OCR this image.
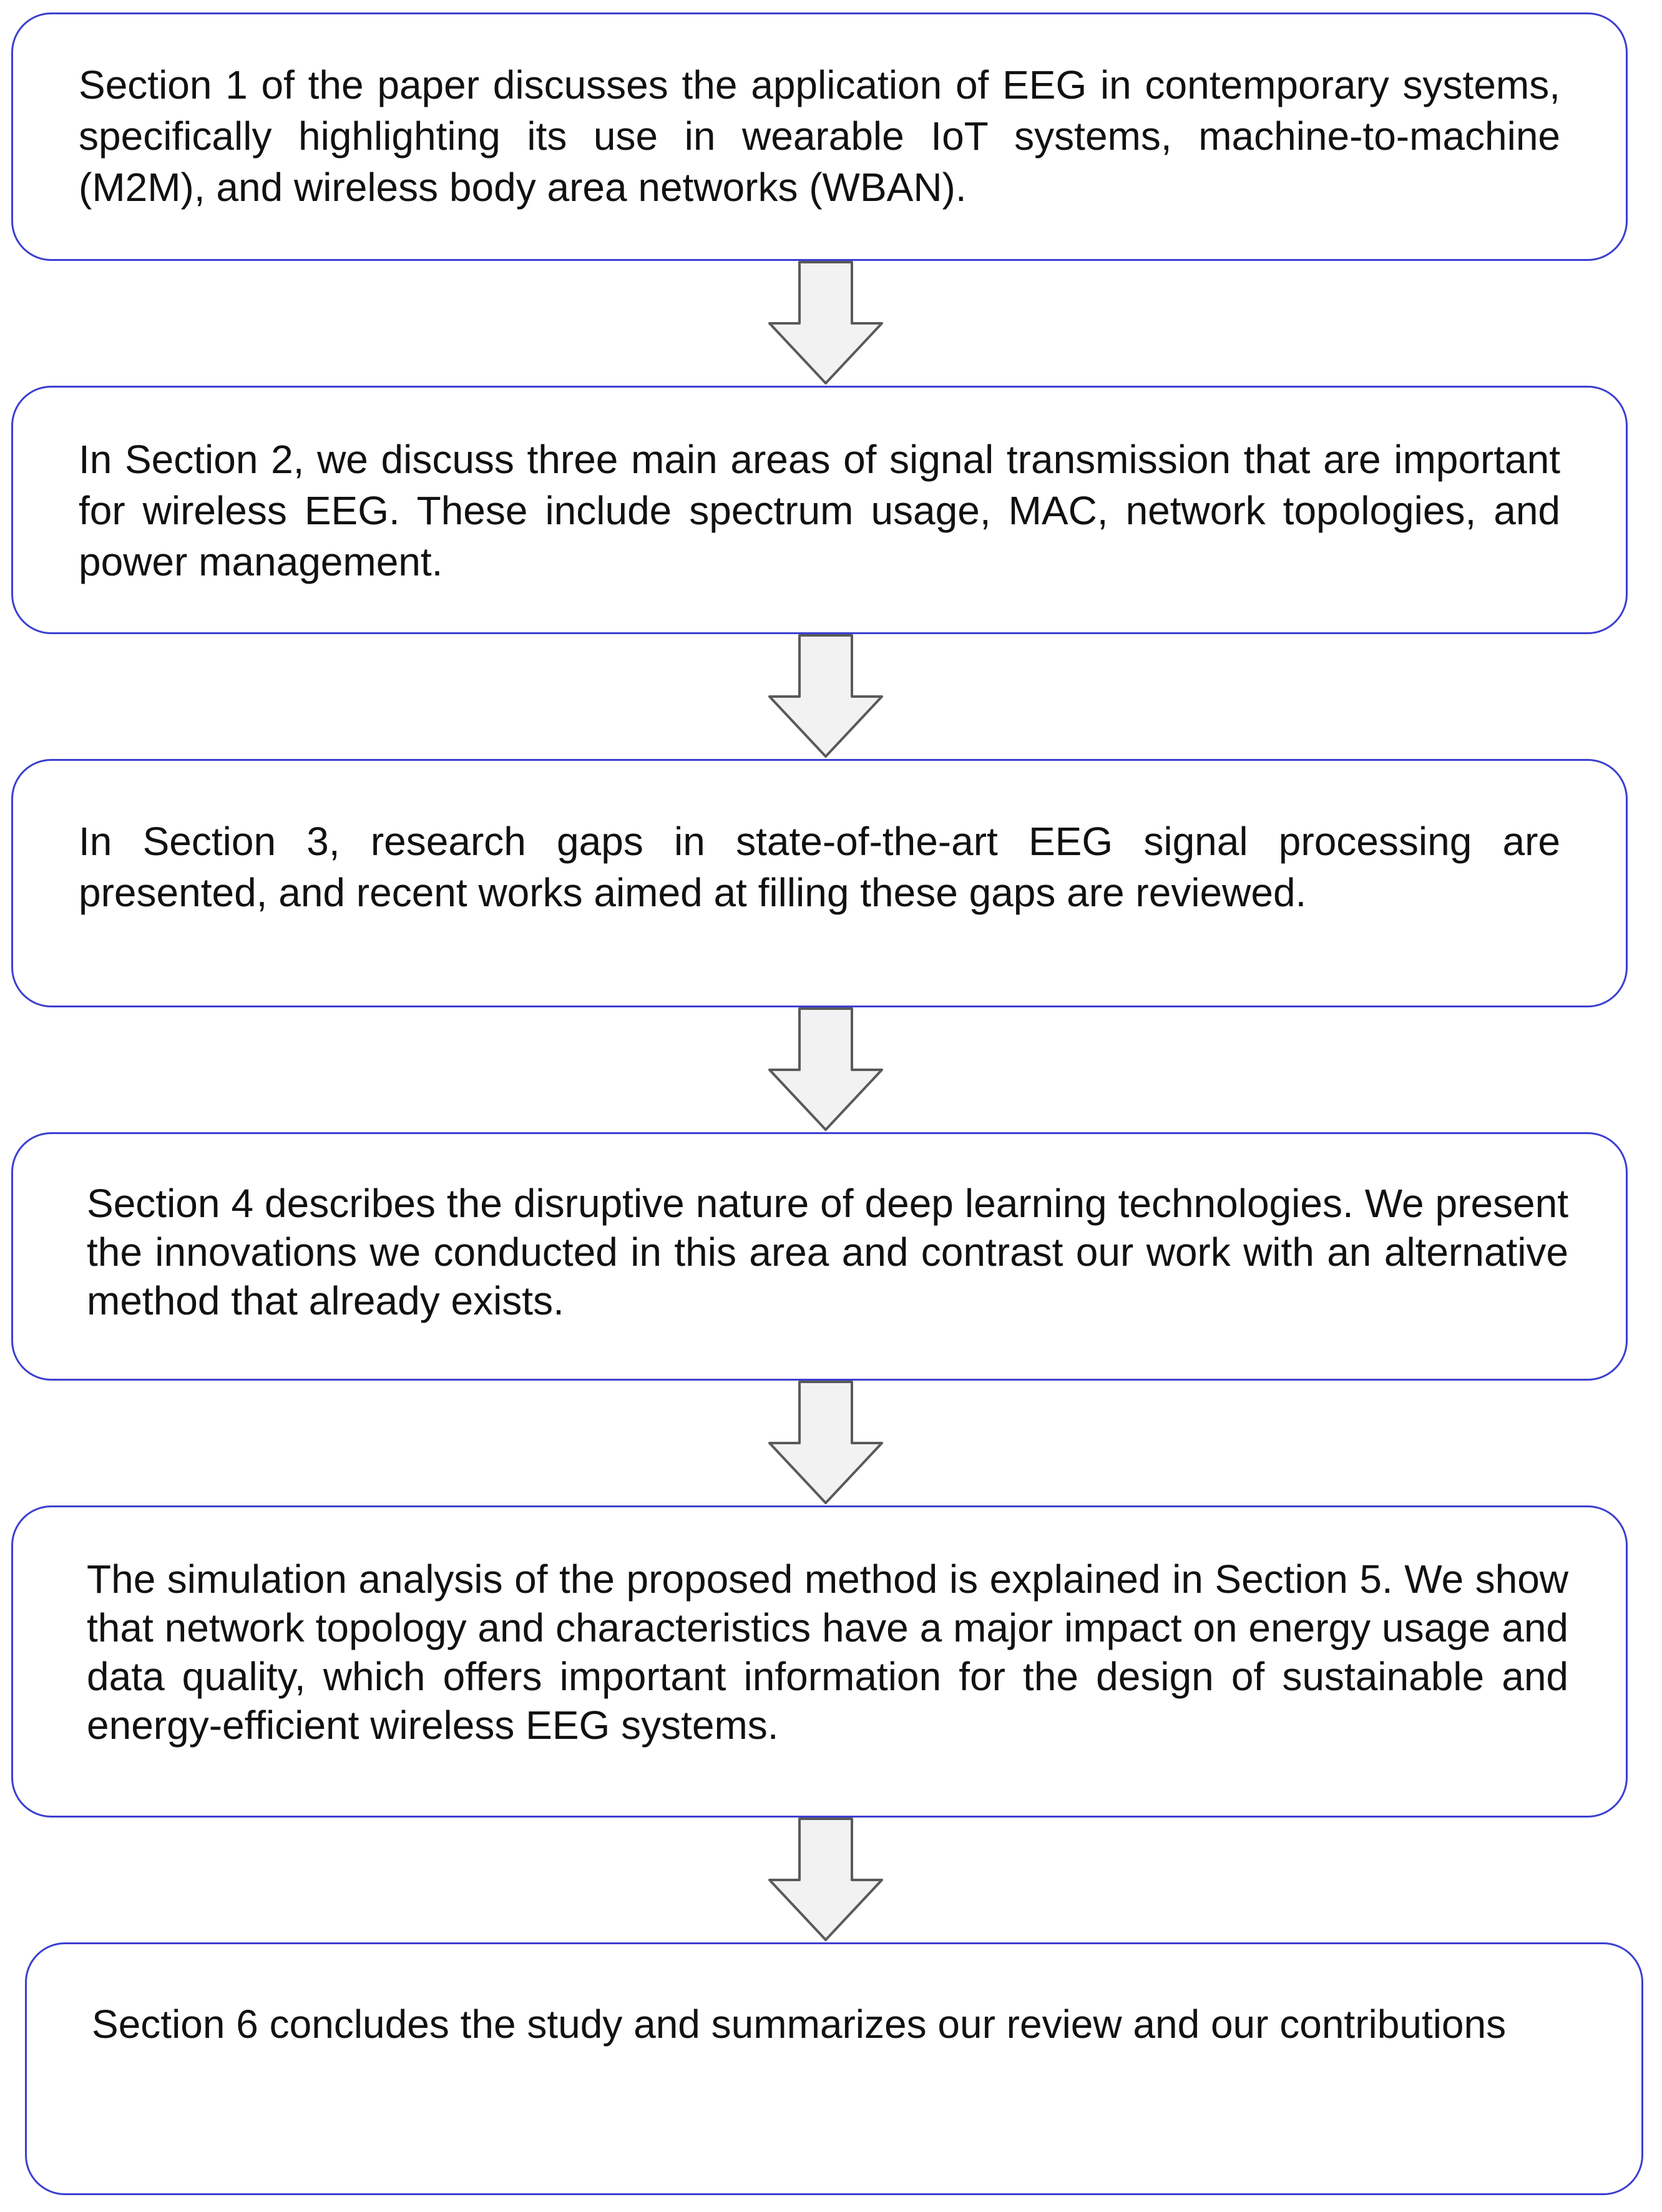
Section 1 of the paper discusses the application of EEG in contemporary systems, specifically highlighting its use in wearable IoT systems, machine-to-machine (M2M), and wireless body area networks (WBAN).
In Section 2, we discuss three main areas of signal transmission that are important for wireless EEG. These include spectrum usage, MAC, network topologies, and power management.
In Section 3, research gaps in state-of-the-art EEG signal processing are presented, and recent works aimed at filling these gaps are reviewed.
Section 4 describes the disruptive nature of deep learning technologies. We present the innovations we conducted in this area and contrast our work with an alternative method that already exists.
The simulation analysis of the proposed method is explained in Section 5. We show that network topology and characteristics have a major impact on energy usage and data quality, which offers important information for the design of sustainable and energy-efficient wireless EEG systems.
Section 6 concludes the study and summarizes our review and our contributions
